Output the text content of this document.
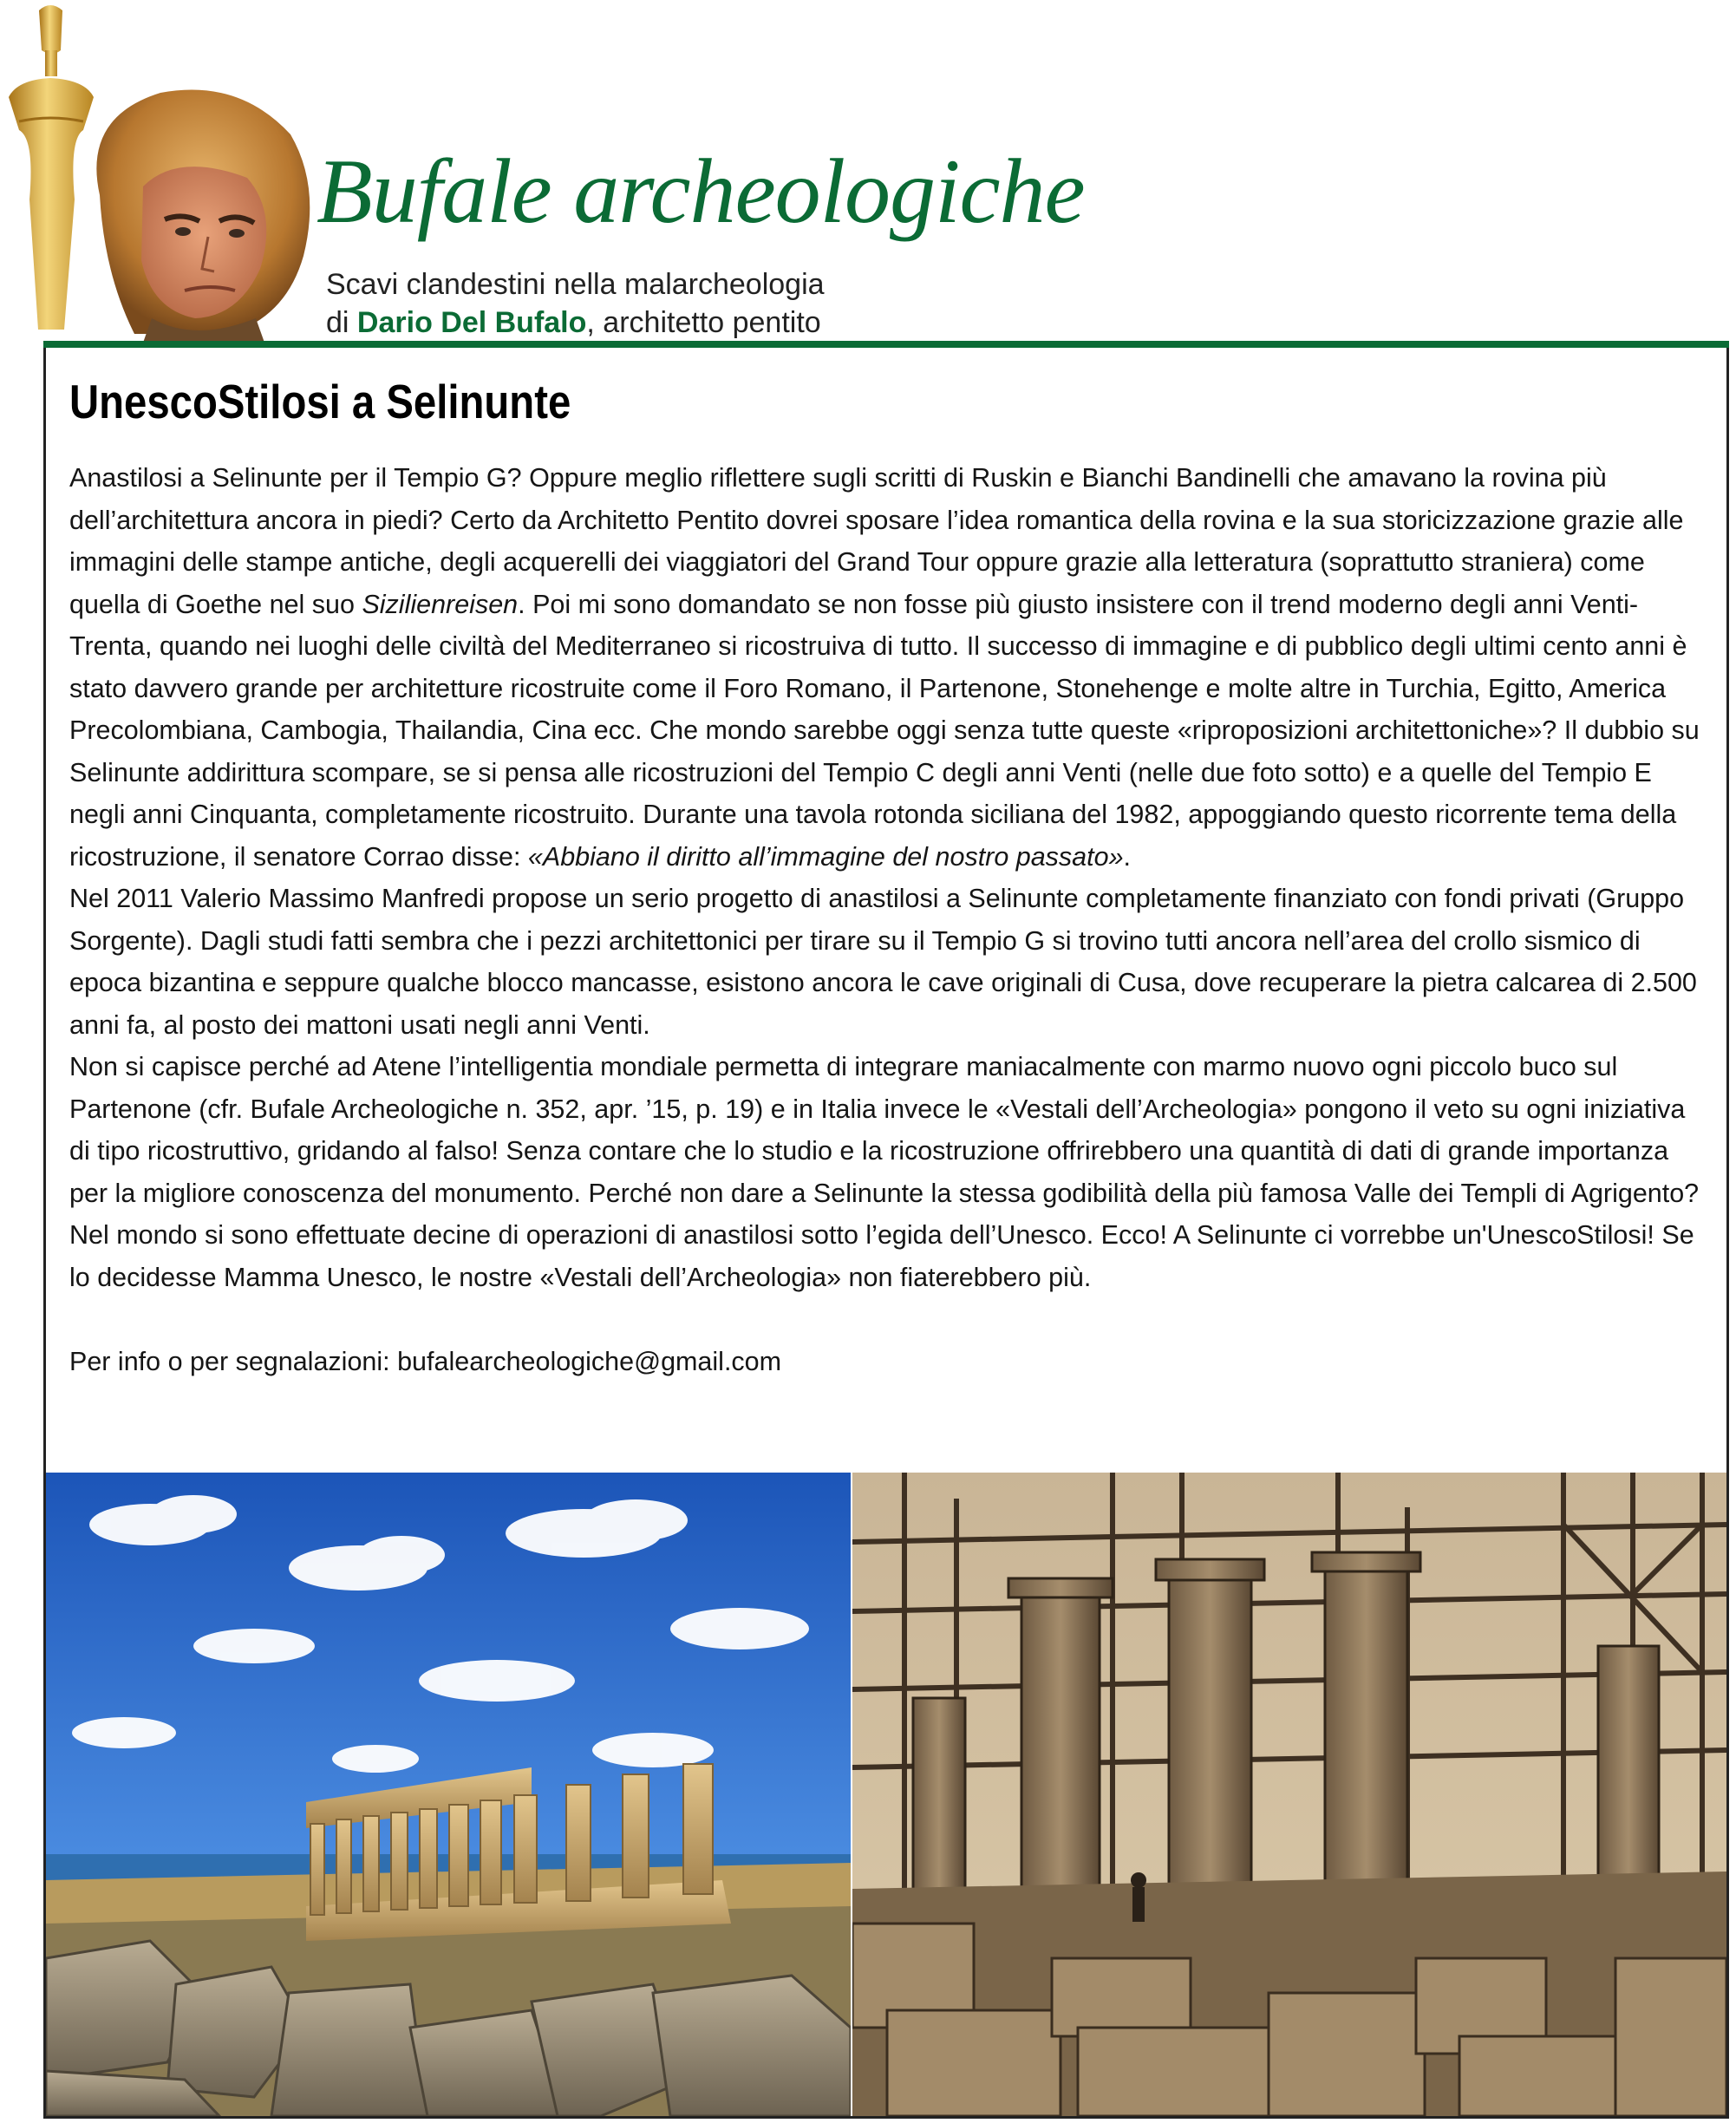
Bufale archeologiche
Scavi clandestini nella malarcheologia
di Dario Del Bufalo, architetto pentito
UnescoStilosi a Selinunte

Anastilosi a Selinunte per il Tempio G? Oppure meglio riflettere sugli scritti di Ruskin e Bianchi Bandinelli che amavano la rovina più dell’architettura ancora in piedi? Certo da Architetto Pentito dovrei sposare l’idea romantica della rovina e la sua storicizzazione grazie alle immagini delle stampe antiche, degli acquerelli dei viaggiatori del Grand Tour oppure grazie alla letteratura (soprattutto straniera) come quella di Goethe nel suo Sizilienreisen. Poi mi sono domandato se non fosse più giusto insistere con il trend moderno degli anni Venti-Trenta, quando nei luoghi delle civiltà del Mediterraneo si ricostruiva di tutto. Il successo di immagine e di pubblico degli ultimi cento anni è stato davvero grande per architetture ricostruite come il Foro Romano, il Partenone, Stonehenge e molte altre in Turchia, Egitto, America Precolombiana, Cambogia, Thailandia, Cina ecc. Che mondo sarebbe oggi senza tutte queste «riproposizioni architettoniche»? Il dubbio su Selinunte addirittura scompare, se si pensa alle ricostruzioni del Tempio C degli anni Venti (nelle due foto sotto) e a quelle del Tempio E negli anni Cinquanta, completamente ricostruito. Durante una tavola rotonda siciliana del 1982, appoggiando questo ricorrente tema della ricostruzione, il senatore Corrao disse: «Abbiano il diritto all’immagine del nostro passato».

Nel 2011 Valerio Massimo Manfredi propose un serio progetto di anastilosi a Selinunte completamente finanziato con fondi privati (Gruppo Sorgente). Dagli studi fatti sembra che i pezzi architettonici per tirare su il Tempio G si trovino tutti ancora nell’area del crollo sismico di epoca bizantina e seppure qualche blocco mancasse, esistono ancora le cave originali di Cusa, dove recuperare la pietra calcarea di 2.500 anni fa, al posto dei mattoni usati negli anni Venti.

Non si capisce perché ad Atene l’intelligentia mondiale permetta di integrare maniacalmente con marmo nuovo ogni piccolo buco sul Partenone (cfr. Bufale Archeologiche n. 352, apr. ’15, p. 19) e in Italia invece le «Vestali dell’Archeologia» pongono il veto su ogni iniziativa di tipo ricostruttivo, gridando al falso! Senza contare che lo studio e la ricostruzione offrirebbero una quantità di dati di grande importanza per la migliore conoscenza del monumento. Perché non dare a Selinunte la stessa godibilità della più famosa Valle dei Templi di Agrigento? Nel mondo si sono effettuate decine di operazioni di anastilosi sotto l’egida dell’Unesco. Ecco! A Selinunte ci vorrebbe un'UnescoStilosi! Se lo decidesse Mamma Unesco, le nostre «Vestali dell’Archeologia» non fiaterebbero più.

Per info o per segnalazioni: bufalearcheologiche@gmail.com
